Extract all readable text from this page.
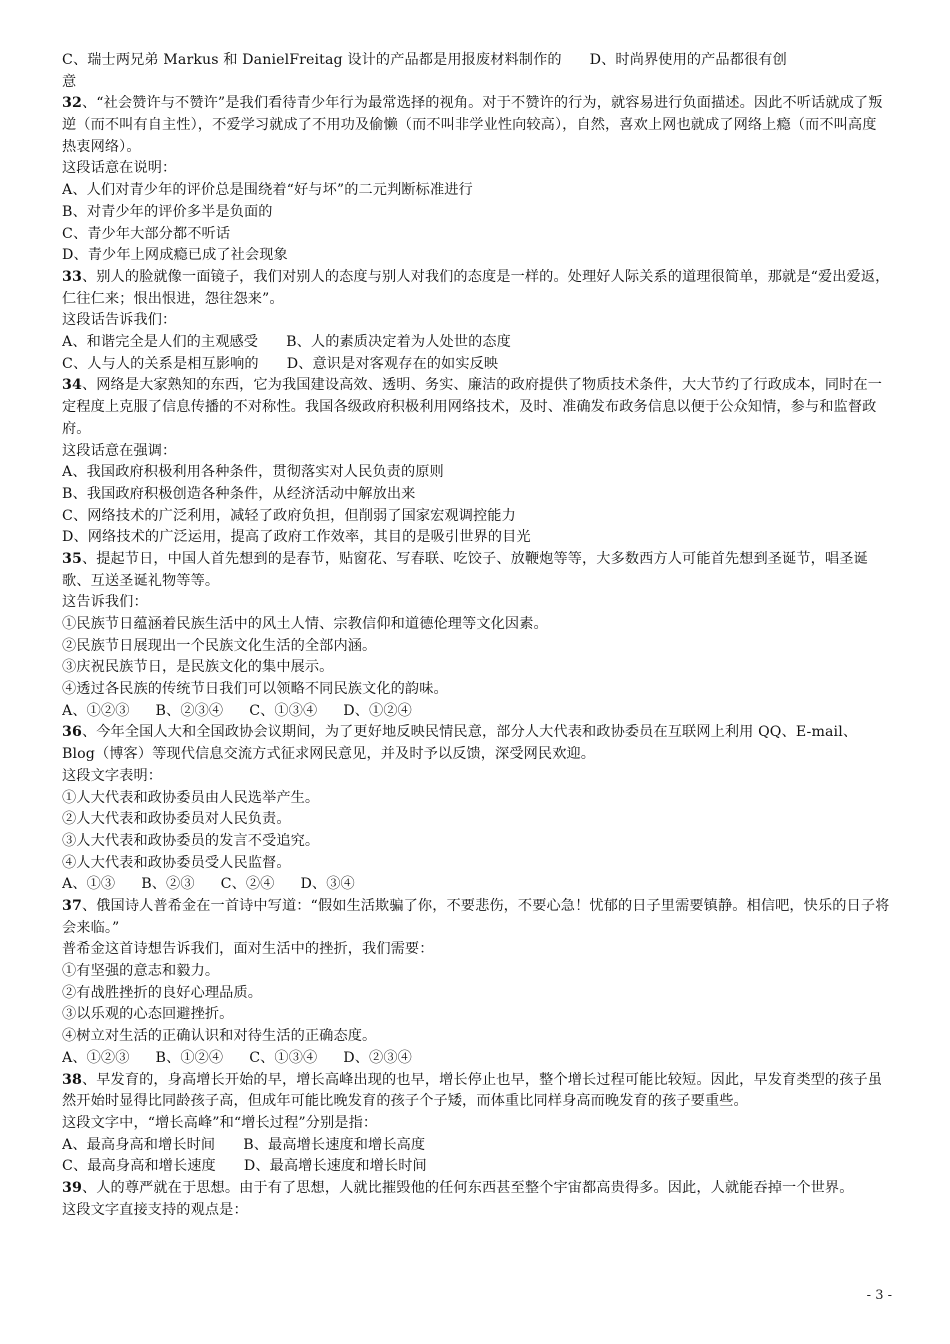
C、瑞士两兄弟 Markus 和 DanielFreitag 设计的产品都是用报废材料制作的 D、时尚界使用的产品都很有创
意
32、“社会赞许与不赞许”是我们看待青少年行为最常选择的视角。对于不赞许的行为，就容易进行负面描述。因此不听话就成了叛逆（而不叫有自主性），不爱学习就成了不用功及偷懒（而不叫非学业性向较高），自然，喜欢上网也就成了网络上瘾（而不叫高度热衷网络）。
这段话意在说明：
A、人们对青少年的评价总是围绕着“好与坏”的二元判断标准进行
B、对青少年的评价多半是负面的
C、青少年大部分都不听话
D、青少年上网成瘾已成了社会现象
33、别人的脸就像一面镜子，我们对别人的态度与别人对我们的态度是一样的。处理好人际关系的道理很简单，那就是“爱出爱返，仁往仁来；恨出恨进，怨往怨来”。
这段话告诉我们：
A、和谐完全是人们的主观感受 B、人的素质决定着为人处世的态度
C、人与人的关系是相互影响的 D、意识是对客观存在的如实反映
34、网络是大家熟知的东西，它为我国建设高效、透明、务实、廉洁的政府提供了物质技术条件，大大节约了行政成本，同时在一定程度上克服了信息传播的不对称性。我国各级政府积极利用网络技术，及时、准确发布政务信息以便于公众知情，参与和监督政府。
这段话意在强调：
A、我国政府积极利用各种条件，贯彻落实对人民负责的原则
B、我国政府积极创造各种条件，从经济活动中解放出来
C、网络技术的广泛利用，减轻了政府负担，但削弱了国家宏观调控能力
D、网络技术的广泛运用，提高了政府工作效率，其目的是吸引世界的目光
35、提起节日，中国人首先想到的是春节，贴窗花、写春联、吃饺子、放鞭炮等等，大多数西方人可能首先想到圣诞节，唱圣诞歌、互送圣诞礼物等等。
这告诉我们：
①民族节日蕴涵着民族生活中的风土人情、宗教信仰和道德伦理等文化因素。
②民族节日展现出一个民族文化生活的全部内涵。
③庆祝民族节日，是民族文化的集中展示。
④透过各民族的传统节日我们可以领略不同民族文化的韵味。
A、①②③ B、②③④ C、①③④ D、①②④
36、今年全国人大和全国政协会议期间，为了更好地反映民情民意，部分人大代表和政协委员在互联网上利用 QQ、E-mail、Blog（博客）等现代信息交流方式征求网民意见，并及时予以反馈，深受网民欢迎。
这段文字表明：
①人大代表和政协委员由人民选举产生。
②人大代表和政协委员对人民负责。
③人大代表和政协委员的发言不受追究。
④人大代表和政协委员受人民监督。
A、①③ B、②③ C、②④ D、③④
37、俄国诗人普希金在一首诗中写道：“假如生活欺骗了你，不要悲伤，不要心急！忧郁的日子里需要镇静。相信吧，快乐的日子将会来临。”
普希金这首诗想告诉我们，面对生活中的挫折，我们需要：
①有坚强的意志和毅力。
②有战胜挫折的良好心理品质。
③以乐观的心态回避挫折。
④树立对生活的正确认识和对待生活的正确态度。
A、①②③ B、①②④ C、①③④ D、②③④
38、早发育的，身高增长开始的早，增长高峰出现的也早，增长停止也早，整个增长过程可能比较短。因此，早发育类型的孩子虽然开始时显得比同龄孩子高，但成年可能比晚发育的孩子个子矮，而体重比同样身高而晚发育的孩子要重些。
这段文字中，“增长高峰”和“增长过程”分别是指：
A、最高身高和增长时间 B、最高增长速度和增长高度
C、最高身高和增长速度 D、最高增长速度和增长时间
39、人的尊严就在于思想。由于有了思想，人就比摧毁他的任何东西甚至整个宇宙都高贵得多。因此，人就能吞掉一个世界。
这段文字直接支持的观点是：
- 3 -
